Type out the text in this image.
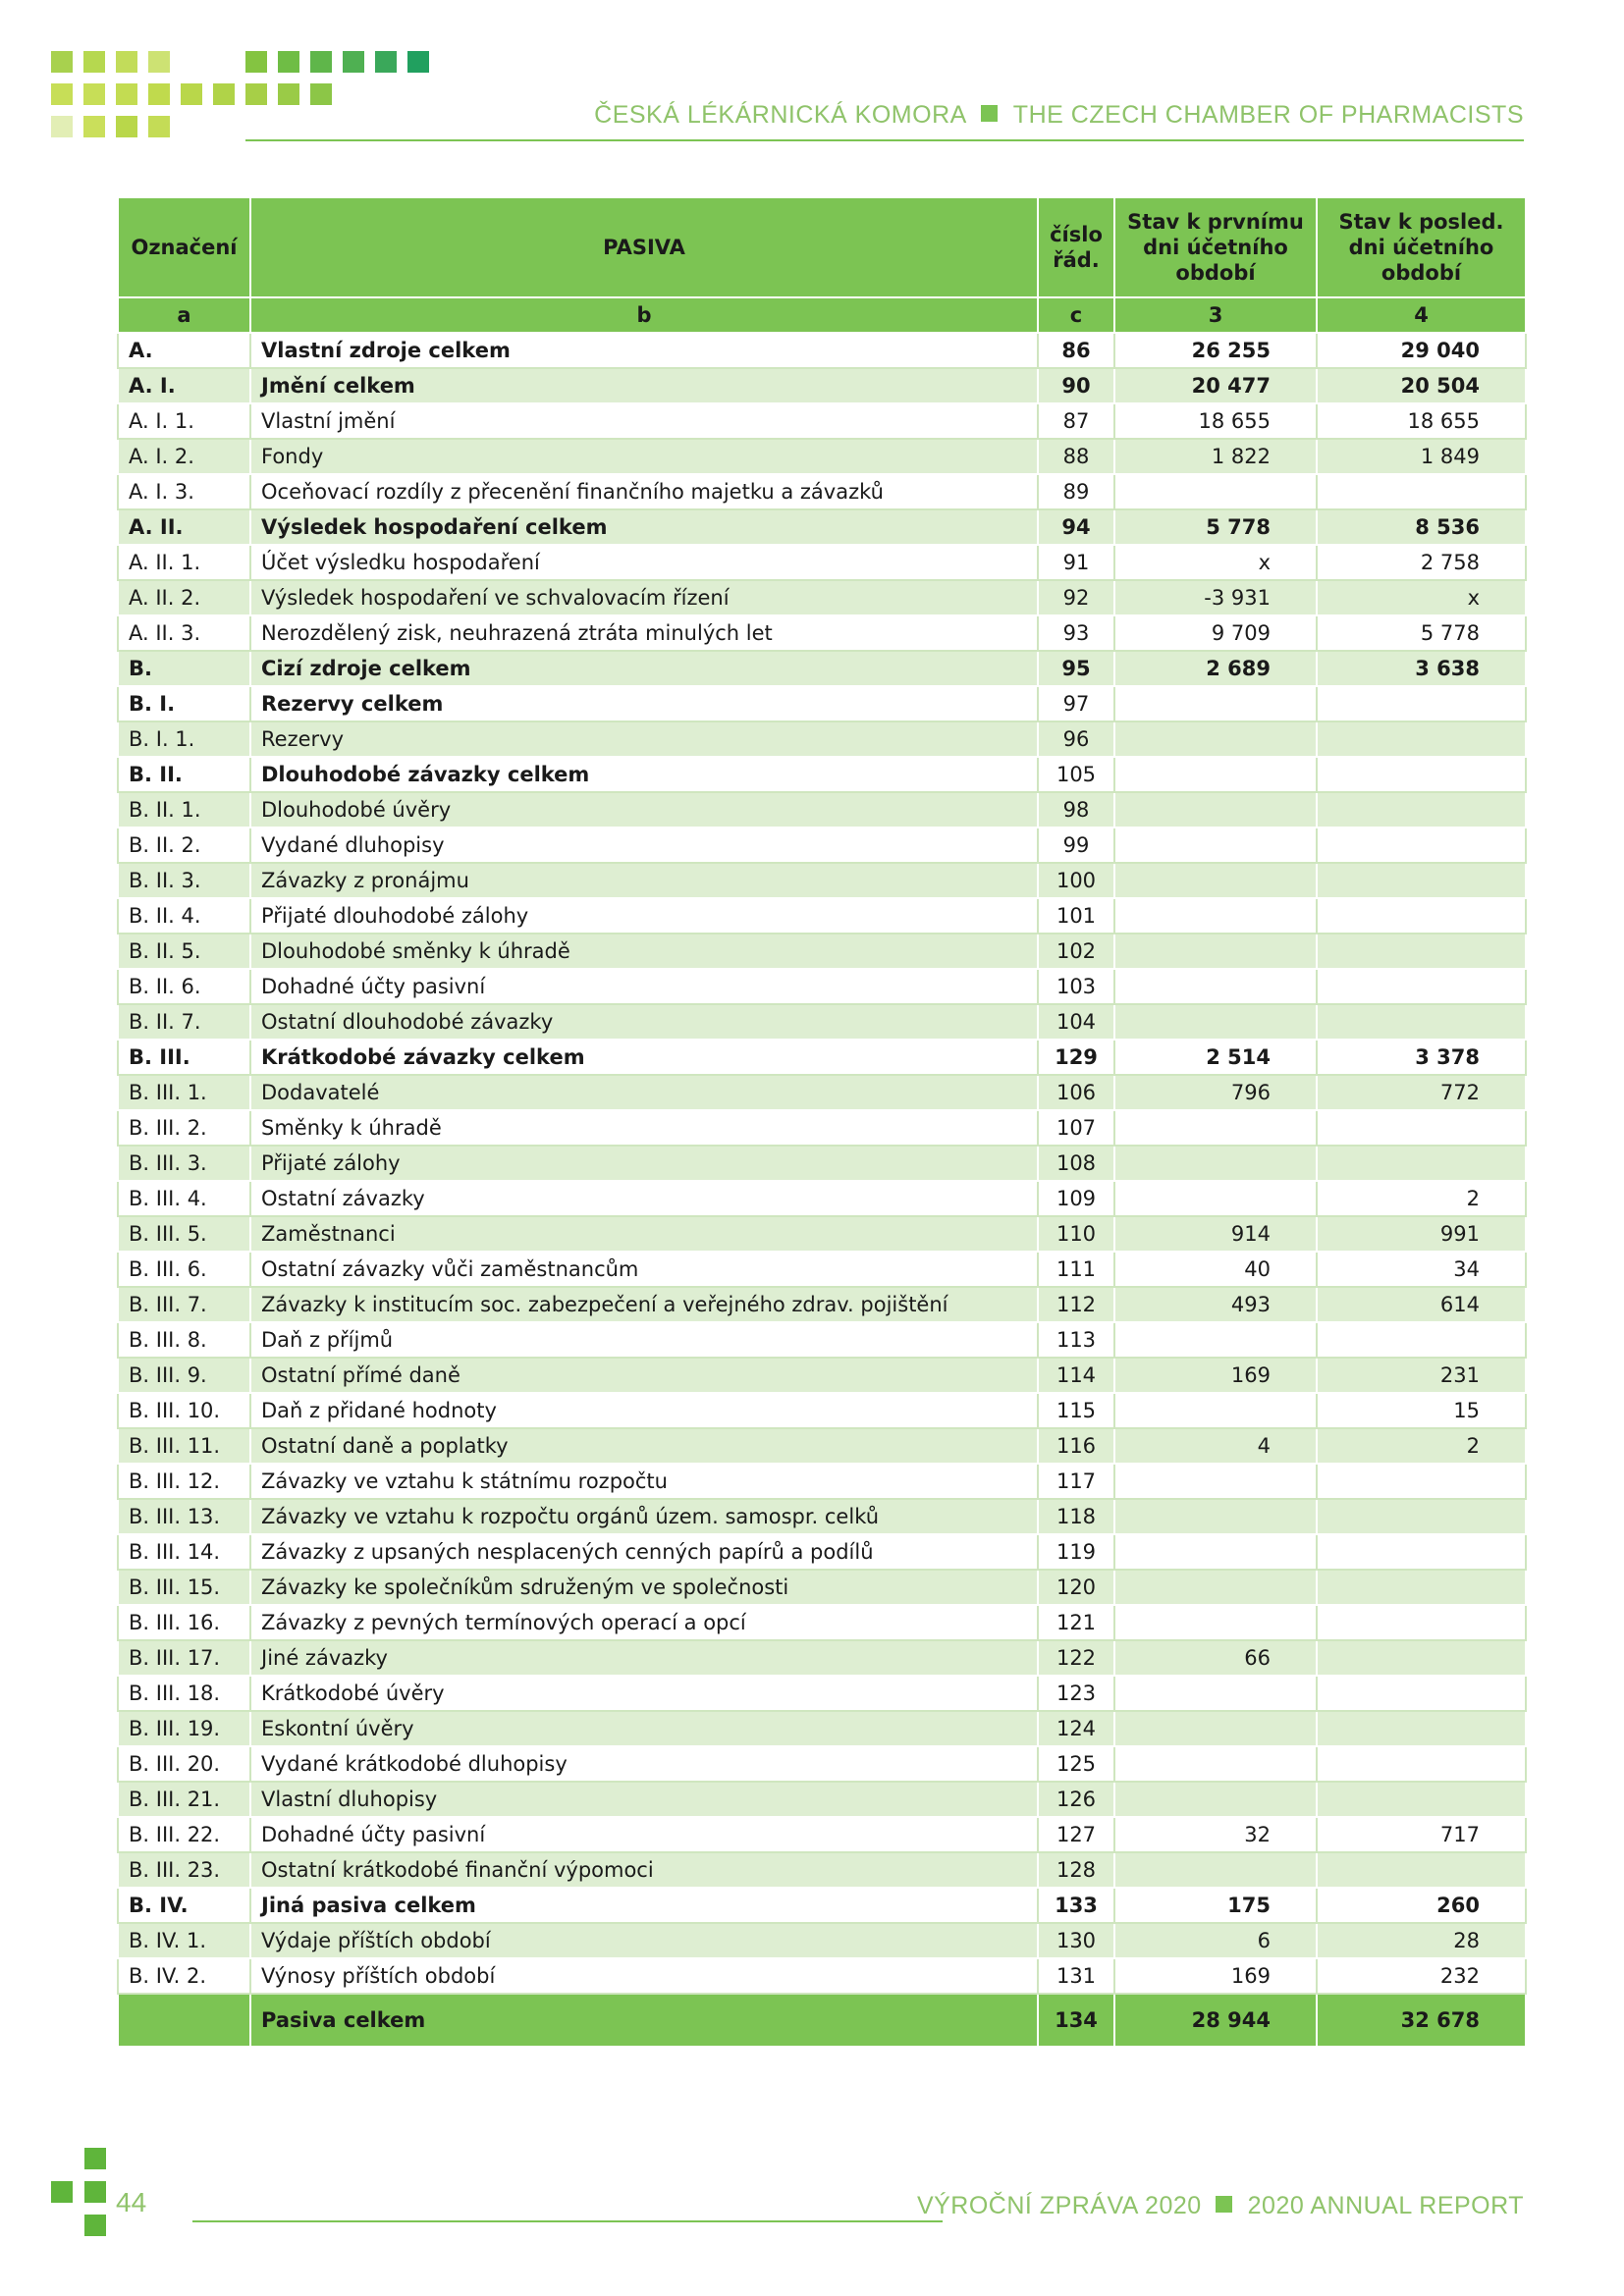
ČESKÁ LÉKÁRNICKÁ KOMORA THE CZECH CHAMBER OF PHARMACISTS
Označení	PASIVA	číslo řád.	Stav k prvnímu dni účetního období	Stav k posled. dni účetního období
a	b	c	3	4
A.	Vlastní zdroje celkem	86	26 255	29 040
A. I.	Jmění celkem	90	20 477	20 504
A. I. 1.	Vlastní jmění	87	18 655	18 655
A. I. 2.	Fondy	88	1 822	1 849
A. I. 3.	Oceňovací rozdíly z přecenění finančního majetku a závazků	89		
A. II.	Výsledek hospodaření celkem	94	5 778	8 536
A. II. 1.	Účet výsledku hospodaření	91	x	2 758
A. II. 2.	Výsledek hospodaření ve schvalovacím řízení	92	-3 931	x
A. II. 3.	Nerozdělený zisk, neuhrazená ztráta minulých let	93	9 709	5 778
B.	Cizí zdroje celkem	95	2 689	3 638
B. I.	Rezervy celkem	97		
B. I. 1.	Rezervy	96		
B. II.	Dlouhodobé závazky celkem	105		
B. II. 1.	Dlouhodobé úvěry	98		
B. II. 2.	Vydané dluhopisy	99		
B. II. 3.	Závazky z pronájmu	100		
B. II. 4.	Přijaté dlouhodobé zálohy	101		
B. II. 5.	Dlouhodobé směnky k úhradě	102		
B. II. 6.	Dohadné účty pasivní	103		
B. II. 7.	Ostatní dlouhodobé závazky	104		
B. III.	Krátkodobé závazky celkem	129	2 514	3 378
B. III. 1.	Dodavatelé	106	796	772
B. III. 2.	Směnky k úhradě	107		
B. III. 3.	Přijaté zálohy	108		
B. III. 4.	Ostatní závazky	109		2
B. III. 5.	Zaměstnanci	110	914	991
B. III. 6.	Ostatní závazky vůči zaměstnancům	111	40	34
B. III. 7.	Závazky k institucím soc. zabezpečení a veřejného zdrav. pojištění	112	493	614
B. III. 8.	Daň z příjmů	113		
B. III. 9.	Ostatní přímé daně	114	169	231
B. III. 10.	Daň z přidané hodnoty	115		15
B. III. 11.	Ostatní daně a poplatky	116	4	2
B. III. 12.	Závazky ve vztahu k státnímu rozpočtu	117		
B. III. 13.	Závazky ve vztahu k rozpočtu orgánů územ. samospr. celků	118		
B. III. 14.	Závazky z upsaných nesplacených cenných papírů a podílů	119		
B. III. 15.	Závazky ke společníkům sdruženým ve společnosti	120		
B. III. 16.	Závazky z pevných termínových operací a opcí	121		
B. III. 17.	Jiné závazky	122	66	
B. III. 18.	Krátkodobé úvěry	123		
B. III. 19.	Eskontní úvěry	124		
B. III. 20.	Vydané krátkodobé dluhopisy	125		
B. III. 21.	Vlastní dluhopisy	126		
B. III. 22.	Dohadné účty pasivní	127	32	717
B. III. 23.	Ostatní krátkodobé finanční výpomoci	128		
B. IV.	Jiná pasiva celkem	133	175	260
B. IV. 1.	Výdaje příštích období	130	6	28
B. IV. 2.	Výnosy příštích období	131	169	232
	Pasiva celkem	134	28 944	32 678
44	VÝROČNÍ ZPRÁVA 2020 2020 ANNUAL REPORT
